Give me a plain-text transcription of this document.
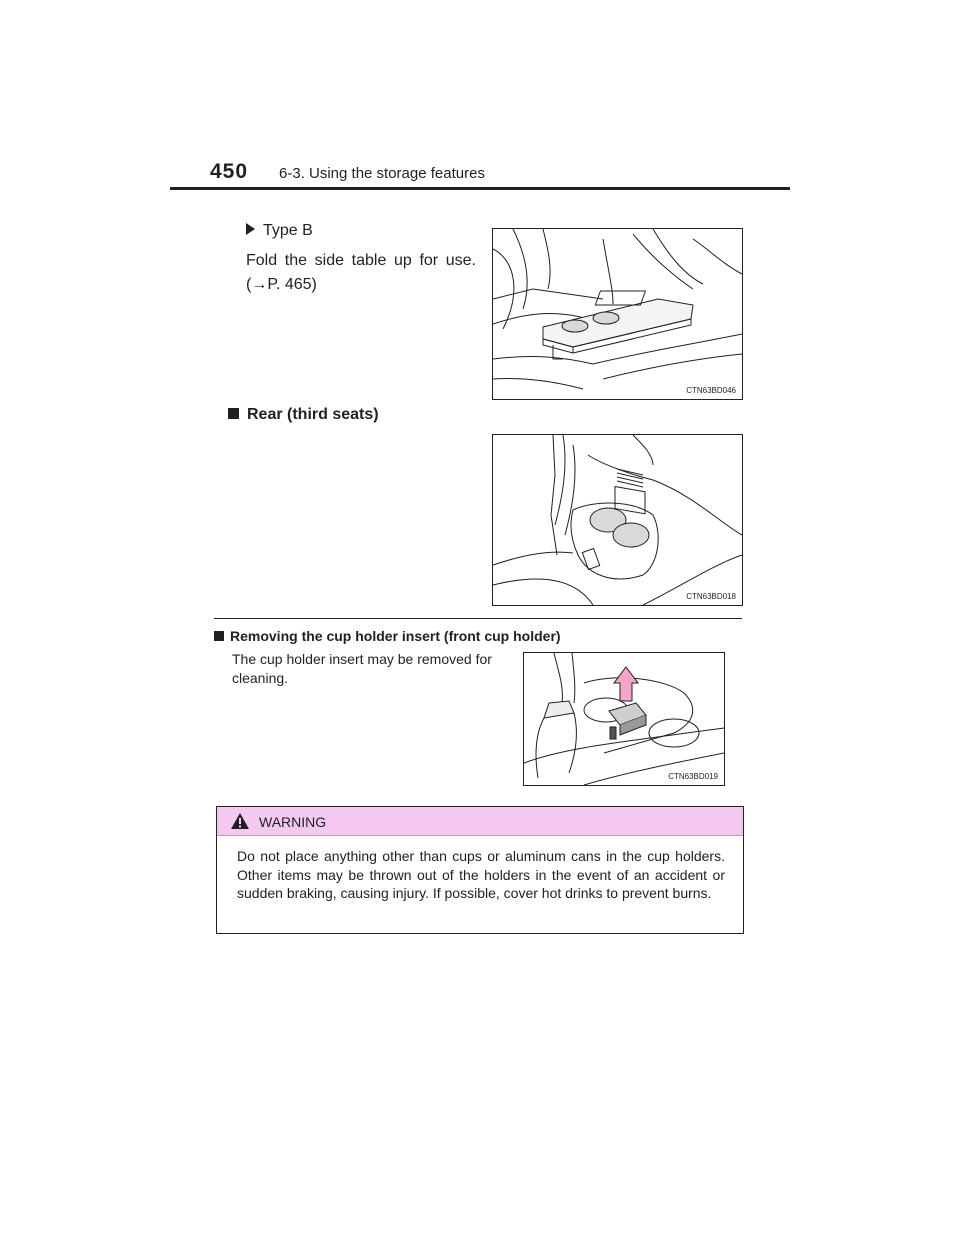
450 6-3. Using the storage features
Type B
Fold the side table up for use. (→P. 465)
CTN63BD046
Rear (third seats)
CTN63BD018
Removing the cup holder insert (front cup holder)
The cup holder insert may be removed for cleaning.
CTN63BD019
WARNING
Do not place anything other than cups or aluminum cans in the cup holders. Other items may be thrown out of the holders in the event of an accident or sudden braking, causing injury. If possible, cover hot drinks to prevent burns.
